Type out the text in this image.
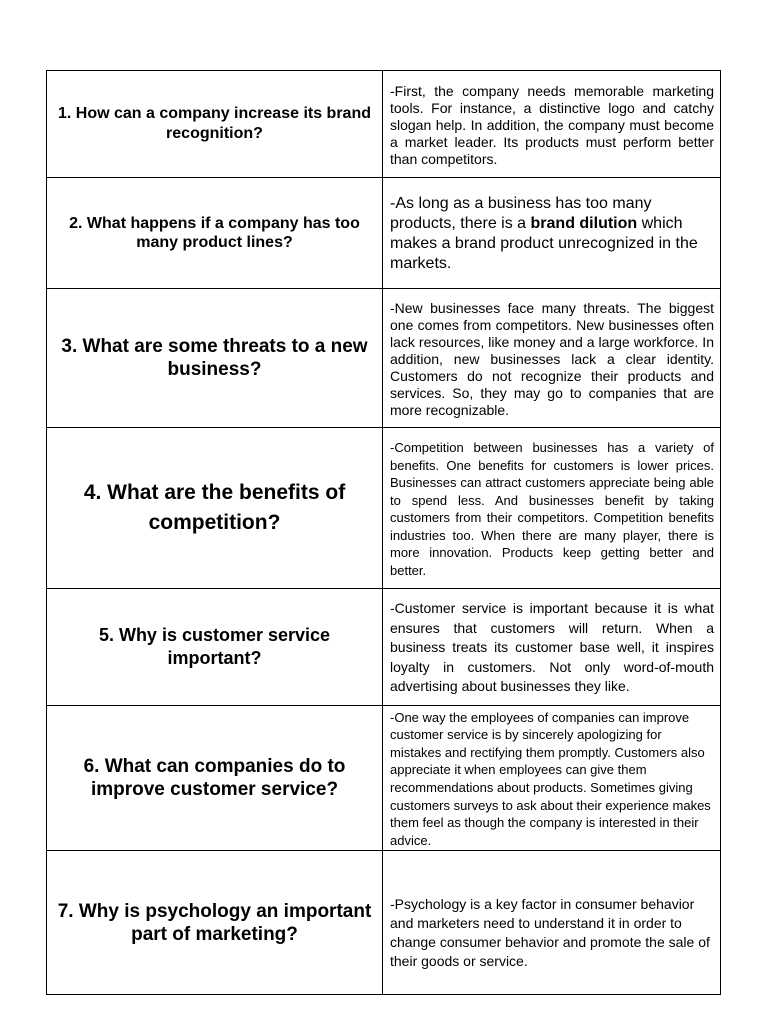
1. How can a company increase its brand recognition?	-First, the company needs memorable marketing tools. For instance, a distinctive logo and catchy slogan help. In addition, the company must become a market leader. Its products must perform better than competitors.

2. What happens if a company has too many product lines?	-As long as a business has too many products, there is a brand dilution which makes a brand product unrecognized in the markets.

3. What are some threats to a new business?	-New businesses face many threats. The biggest one comes from competitors. New businesses often lack resources, like money and a large workforce. In addition, new businesses lack a clear identity. Customers do not recognize their products and services. So, they may go to companies that are more recognizable.

4. What are the benefits of competition?	-Competition between businesses has a variety of benefits. One benefits for customers is lower prices. Businesses can attract customers appreciate being able to spend less. And businesses benefit by taking customers from their competitors. Competition benefits industries too. When there are many player, there is more innovation. Products keep getting better and better.

5. Why is customer service important?	-Customer service is important because it is what ensures that customers will return. When a business treats its customer base well, it inspires loyalty in customers. Not only word-of-mouth advertising about businesses they like.

6. What can companies do to improve customer service?	-One way the employees of companies can improve customer service is by sincerely apologizing for mistakes and rectifying them promptly. Customers also appreciate it when employees can give them recommendations about products. Sometimes giving customers surveys to ask about their experience makes them feel as though the company is interested in their advice.

7. Why is psychology an important part of marketing?	-Psychology is a key factor in consumer behavior and marketers need to understand it in order to change consumer behavior and promote the sale of their goods or service.
